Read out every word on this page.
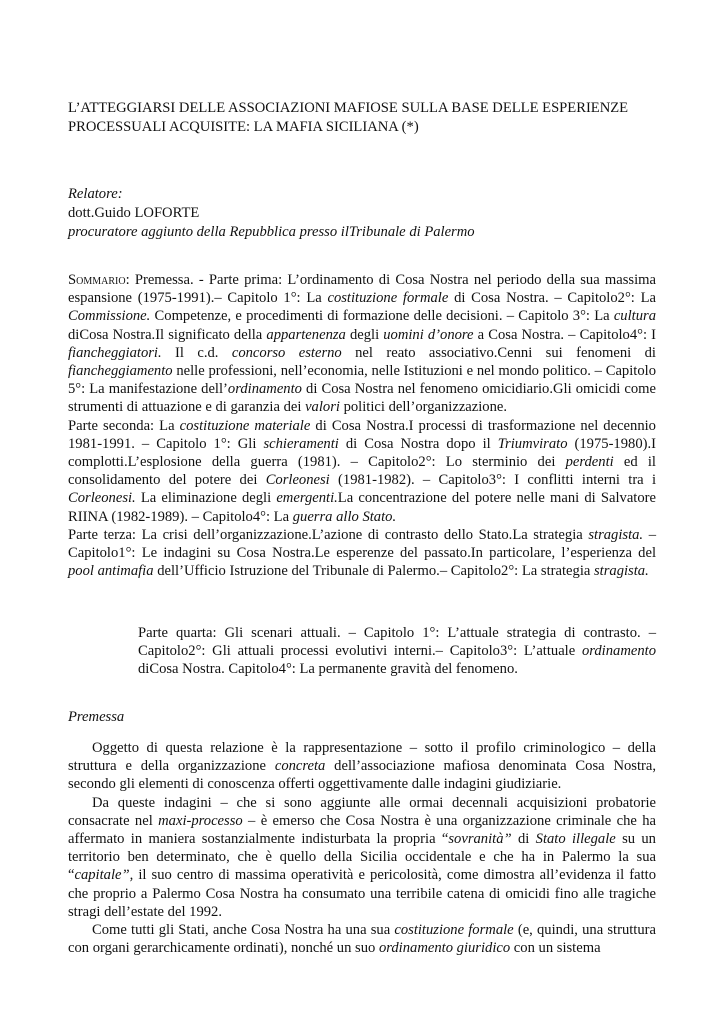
L’ATTEGGIARSI DELLE ASSOCIAZIONI MAFIOSE SULLA BASE DELLE ESPERIENZE
PROCESSUALI ACQUISITE: LA MAFIA SICILIANA (*)
Relatore:
dott.Guido LOFORTE
procuratore aggiunto della Repubblica presso ilTribunale di Palermo
Sommario: Premessa. - Parte prima: L’ordinamento di Cosa Nostra nel periodo della sua massima espansione (1975-1991).– Capitolo 1°: La costituzione formale di Cosa Nostra. – Capitolo2°: La Commissione. Competenze, e procedimenti di formazione delle decisioni. – Capitolo 3°: La cultura diCosa Nostra.Il significato della appartenenza degli uomini d’onore a Cosa Nostra. – Capitolo4°: I fiancheggiatori. Il c.d. concorso esterno nel reato associativo.Cenni sui fenomeni di fiancheggiamento nelle professioni, nell’economia, nelle Istituzioni e nel mondo politico. – Capitolo 5°: La manifestazione dell’ordinamento di Cosa Nostra nel fenomeno omicidiario.Gli omicidi come strumenti di attuazione e di garanzia dei valori politici dell’organizzazione.
Parte seconda: La costituzione materiale di Cosa Nostra.I processi di trasformazione nel decennio 1981-1991. – Capitolo 1°: Gli schieramenti di Cosa Nostra dopo il Triumvirato (1975-1980).I complotti.L’esplosione della guerra (1981). – Capitolo2°: Lo sterminio dei perdenti ed il consolidamento del potere dei Corleonesi (1981-1982). – Capitolo3°: I conflitti interni tra i Corleonesi. La eliminazione degli emergenti.La concentrazione del potere nelle mani di Salvatore RIINA (1982-1989). – Capitolo4°: La guerra allo Stato.
Parte terza: La crisi dell’organizzazione.L’azione di contrasto dello Stato.La strategia stragista. – Capitolo1°: Le indagini su Cosa Nostra.Le esperenze del passato.In particolare, l’esperienza del pool antimafia dell’Ufficio Istruzione del Tribunale di Palermo.– Capitolo2°: La strategia stragista.

Parte quarta: Gli scenari attuali. – Capitolo 1°: L’attuale strategia di contrasto. – Capitolo2°: Gli attuali processi evolutivi interni.– Capitolo3°: L’attuale ordinamento diCosa Nostra. Capitolo4°: La permanente gravità del fenomeno.

Premessa

Oggetto di questa relazione è la rappresentazione – sotto il profilo criminologico – della struttura e della organizzazione concreta dell’associazione mafiosa denominata Cosa Nostra, secondo gli elementi di conoscenza offerti oggettivamente dalle indagini giudiziarie.

Da queste indagini – che si sono aggiunte alle ormai decennali acquisizioni probatorie consacrate nel maxi-processo – è emerso che Cosa Nostra è una organizzazione criminale che ha affermato in maniera sostanzialmente indisturbata la propria “sovranità” di Stato illegale su un territorio ben determinato, che è quello della Sicilia occidentale e che ha in Palermo la sua “capitale”, il suo centro di massima operatività e pericolosità, come dimostra all’evidenza il fatto che proprio a Palermo Cosa Nostra ha consumato una terribile catena di omicidi fino alle tragiche stragi dell’estate del 1992.

Come tutti gli Stati, anche Cosa Nostra ha una sua costituzione formale (e, quindi, una struttura con organi gerarchicamente ordinati), nonché un suo ordinamento giuridico con un sistema
